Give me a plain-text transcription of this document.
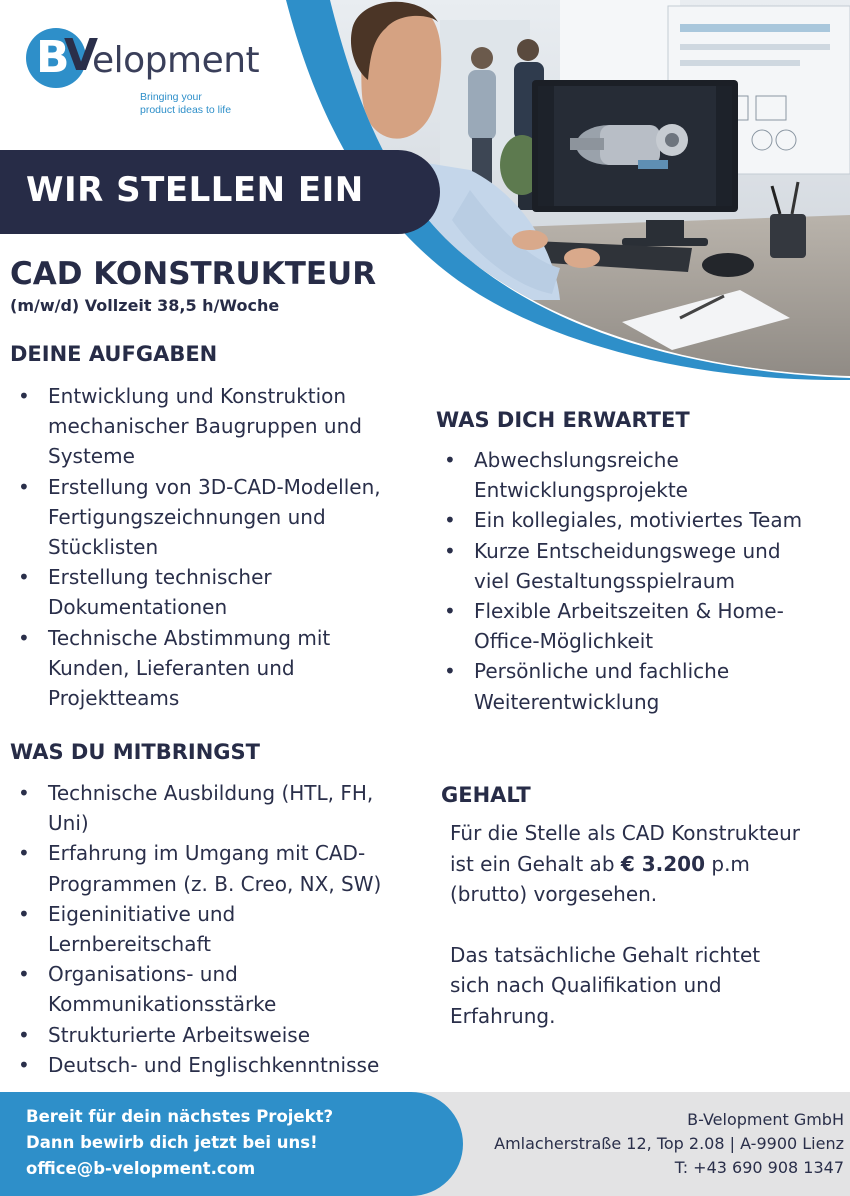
B
V
elopment
Bringing your
product ideas to life
WIR STELLEN EIN
CAD KONSTRUKTEUR
(m/w/d) Vollzeit 38,5 h/Woche
DEINE AUFGABEN
• Entwicklung und Konstruktion
mechanischer Baugruppen und
Systeme
• Erstellung von 3D-CAD-Modellen,
Fertigungszeichnungen und
Stücklisten
• Erstellung technischer
Dokumentationen
• Technische Abstimmung mit
Kunden, Lieferanten und
Projektteams
WAS DU MITBRINGST
• Technische Ausbildung (HTL, FH,
Uni)
• Erfahrung im Umgang mit CAD-
Programmen (z. B. Creo, NX, SW)
• Eigeninitiative und
Lernbereitschaft
• Organisations- und
Kommunikationsstärke
• Strukturierte Arbeitsweise
• Deutsch- und Englischkenntnisse
WAS DICH ERWARTET
• Abwechslungsreiche
Entwicklungsprojekte
• Ein kollegiales, motiviertes Team
• Kurze Entscheidungswege und
viel Gestaltungsspielraum
• Flexible Arbeitszeiten & Home-
Office-Möglichkeit
• Persönliche und fachliche
Weiterentwicklung
GEHALT

Für die Stelle als CAD Konstrukteur

ist ein Gehalt ab € 3.200 p.m

(brutto) vorgesehen.

Das tatsächliche Gehalt richtet

sich nach Qualifikation und

Erfahrung.

Bereit für dein nächstes Projekt?
Dann bewirb dich jetzt bei uns!
office@b-velopment.com
B-Velopment GmbH
Amlacherstraße 12, Top 2.08 | A-9900 Lienz
T: +43 690 908 1347
